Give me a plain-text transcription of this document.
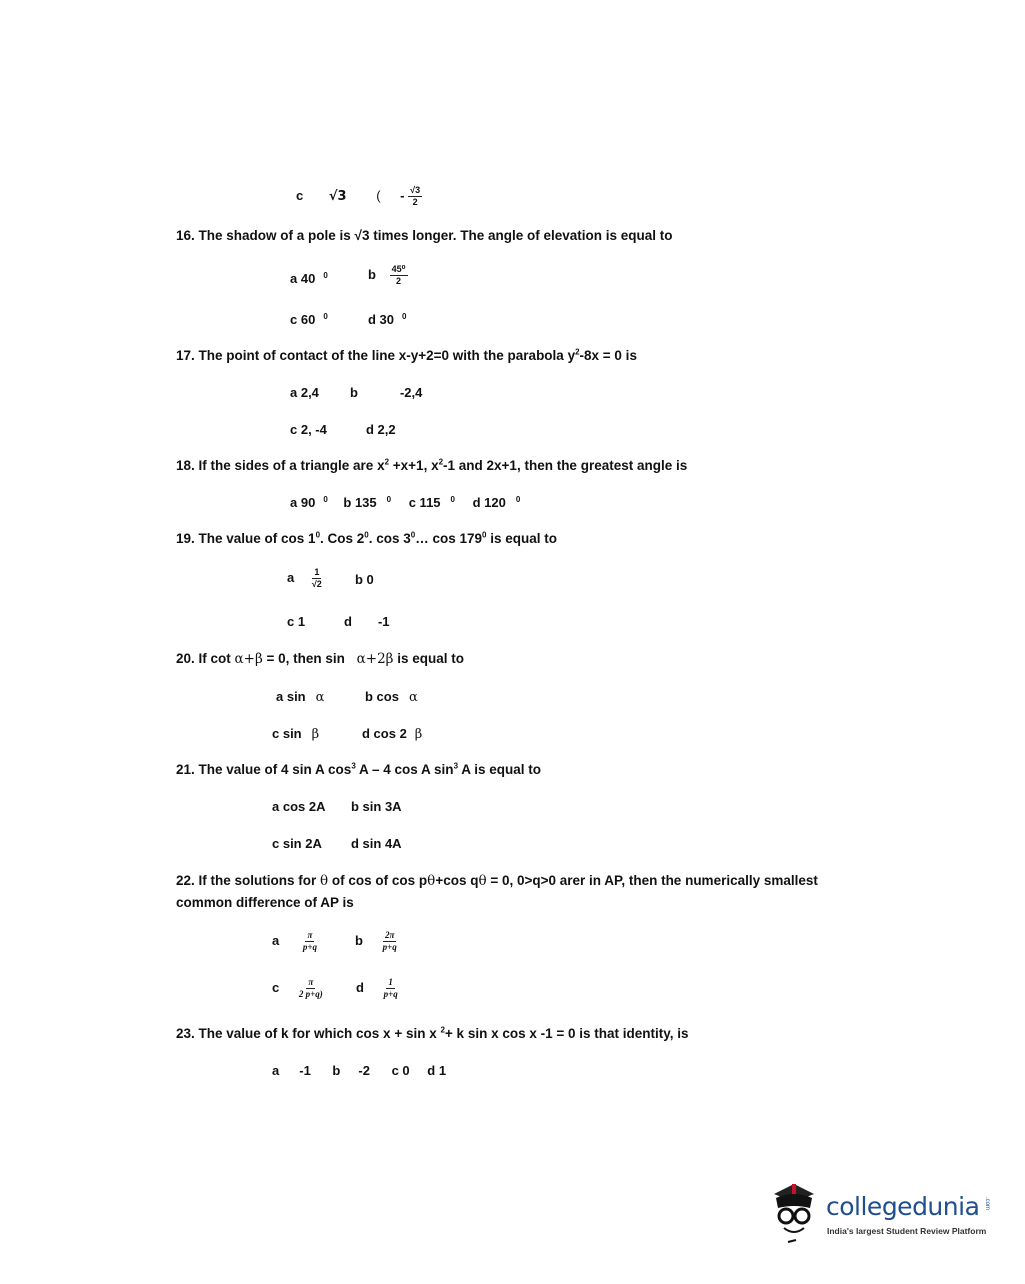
c √3 ( - $\frac{√3}{2}$
16. The shadow of a pole is √3 times longer. The angle of elevation is equal to
a 40 $^0$	b $\frac{\text{45⁰}}{2}$
c 60 $^0$	d 30 $^0$
17. The point of contact of the line x-y+2=0 with the parabola $y^2-8x = 0$ is
a 2,4 b	-2,4
c 2, -4	d 2,2
18. If the sides of a triangle are $x^2 +x+1$, $x^2-1$ and 2x+1, then the greatest angle is
a 90 $^0$ b 135 $^0$ c 115 $^0$ d 120 $^0$
19. The value of $\cos 1^0$. Cos $2^0$. $\cos 3^0\dots$ $\cos 179^0$ is equal to
a $\frac{1}{√2}$ b 0
c 1	d -1
20. If cot α+β = 0, then sin α+2β is equal to
a sin α	b cos α
c sin β	d cos 2 β
21. The value of 4 sin A $\cos^3 A - 4$ cos A $\sin^3 A$ is equal to
a cos 2A b sin 3A
c sin 2A d sin 4A
22. If the solutions for θ of cos of cos pθ+cos qθ = 0, 0>q>0 arer in AP, then the numerically smallest
common difference of AP is
a $\frac{\pi}{p+q}$	b $\frac{2\pi}{p+q}$
c $\frac{\pi}{2 p+q)}$ d $\frac{1}{p+q}$
23. The value of k for which cos x + sin x $^2$+ k sin x cos x -1 = 0 is that identity, is
a -1 b -2 c 0 d 1
collegedunia .com
India's largest Student Review Platform
